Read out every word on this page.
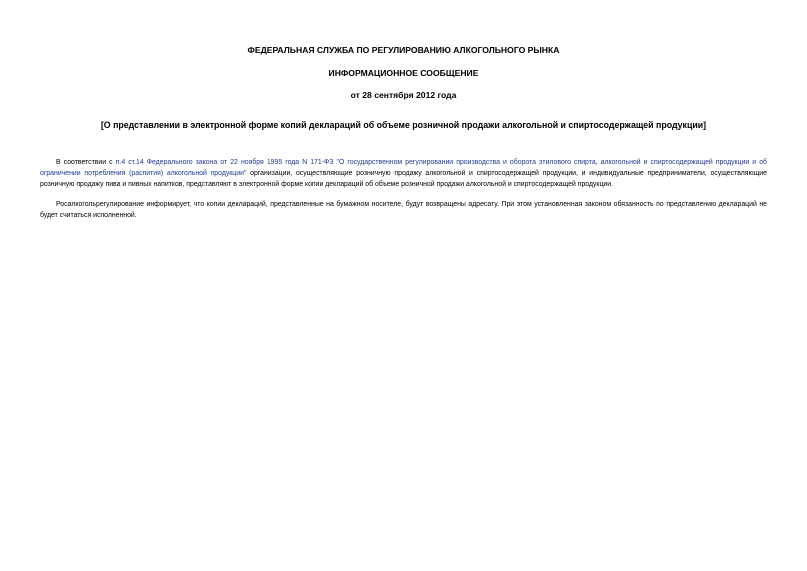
ФЕДЕРАЛЬНАЯ СЛУЖБА ПО РЕГУЛИРОВАНИЮ АЛКОГОЛЬНОГО РЫНКА
ИНФОРМАЦИОННОЕ СООБЩЕНИЕ
от 28 сентября 2012 года
[О представлении в электронной форме копий деклараций об объеме розничной продажи алкогольной и спиртосодержащей продукции]

В соответствии с п.4 ст.14 Федерального закона от 22 ноября 1995 года N 171-ФЗ "О государственном регулировании производства и оборота этилового спирта, алкогольной и спиртосодержащей продукции и об ограничении потребления (распития) алкогольной продукции" организации, осуществляющие розничную продажу алкогольной и спиртосодержащей продукции, и индивидуальные предприниматели, осуществляющие розничную продажу пива и пивных напитков, представляют в электронной форме копии деклараций об объеме розничной продажи алкогольной и спиртосодержащей продукции.

Росалкогольрегулирование информирует, что копии деклараций, представленные на бумажном носителе, будут возвращены адресату. При этом установленная законом обязанность по представлению деклараций не будет считаться исполненной.
